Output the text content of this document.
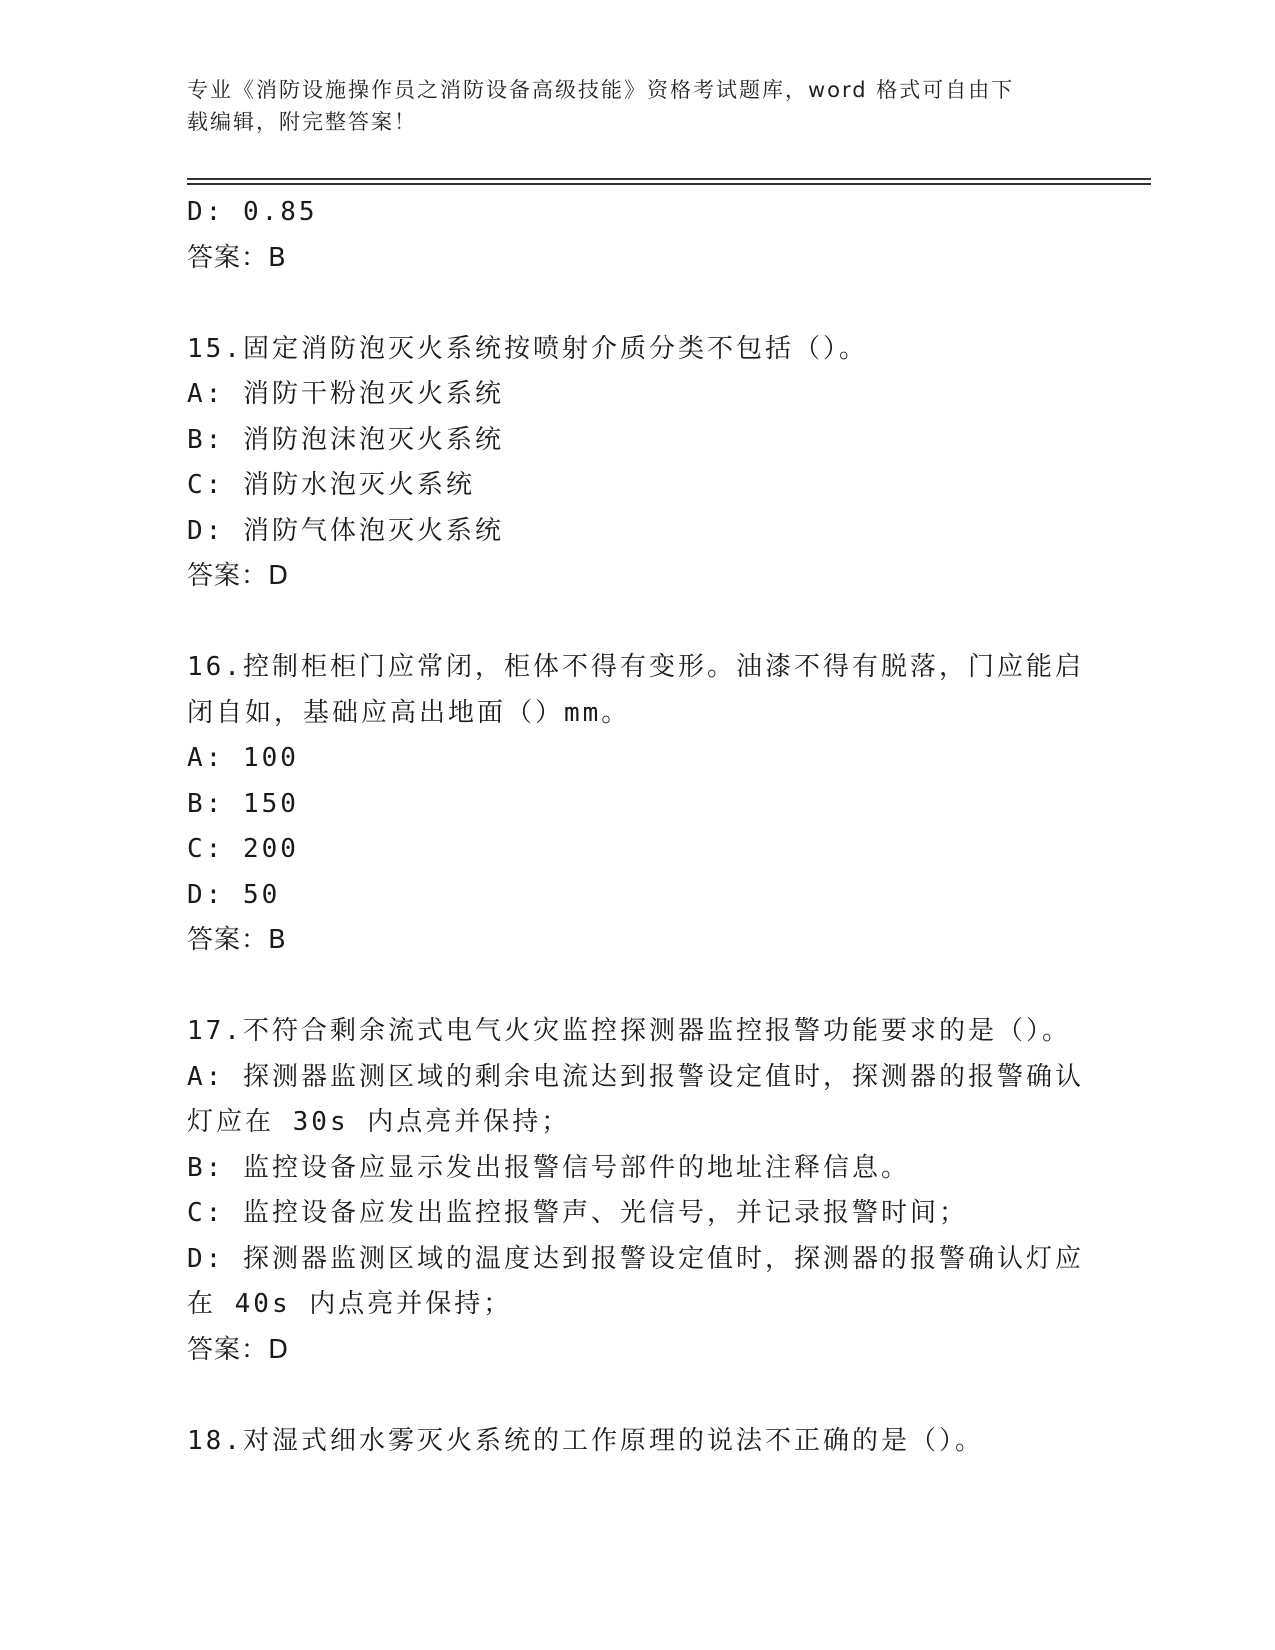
专业《消防设施操作员之消防设备高级技能》资格考试题库，word 格式可自由下
载编辑，附完整答案！
D: 0.85
答案：B
15.固定消防泡灭火系统按喷射介质分类不包括（）。
A: 消防干粉泡灭火系统
B: 消防泡沫泡灭火系统
C: 消防水泡灭火系统
D: 消防气体泡灭火系统
答案：D
16.控制柜柜门应常闭，柜体不得有变形。油漆不得有脱落，门应能启
闭自如，基础应高出地面（）mm。
A: 100
B: 150
C: 200
D: 50
答案：B
17.不符合剩余流式电气火灾监控探测器监控报警功能要求的是（）。
A: 探测器监测区域的剩余电流达到报警设定值时，探测器的报警确认
灯应在 30s 内点亮并保持；
B: 监控设备应显示发出报警信号部件的地址注释信息。
C: 监控设备应发出监控报警声、光信号，并记录报警时间；
D: 探测器监测区域的温度达到报警设定值时，探测器的报警确认灯应
在 40s 内点亮并保持；
答案：D
18.对湿式细水雾灭火系统的工作原理的说法不正确的是（）。
